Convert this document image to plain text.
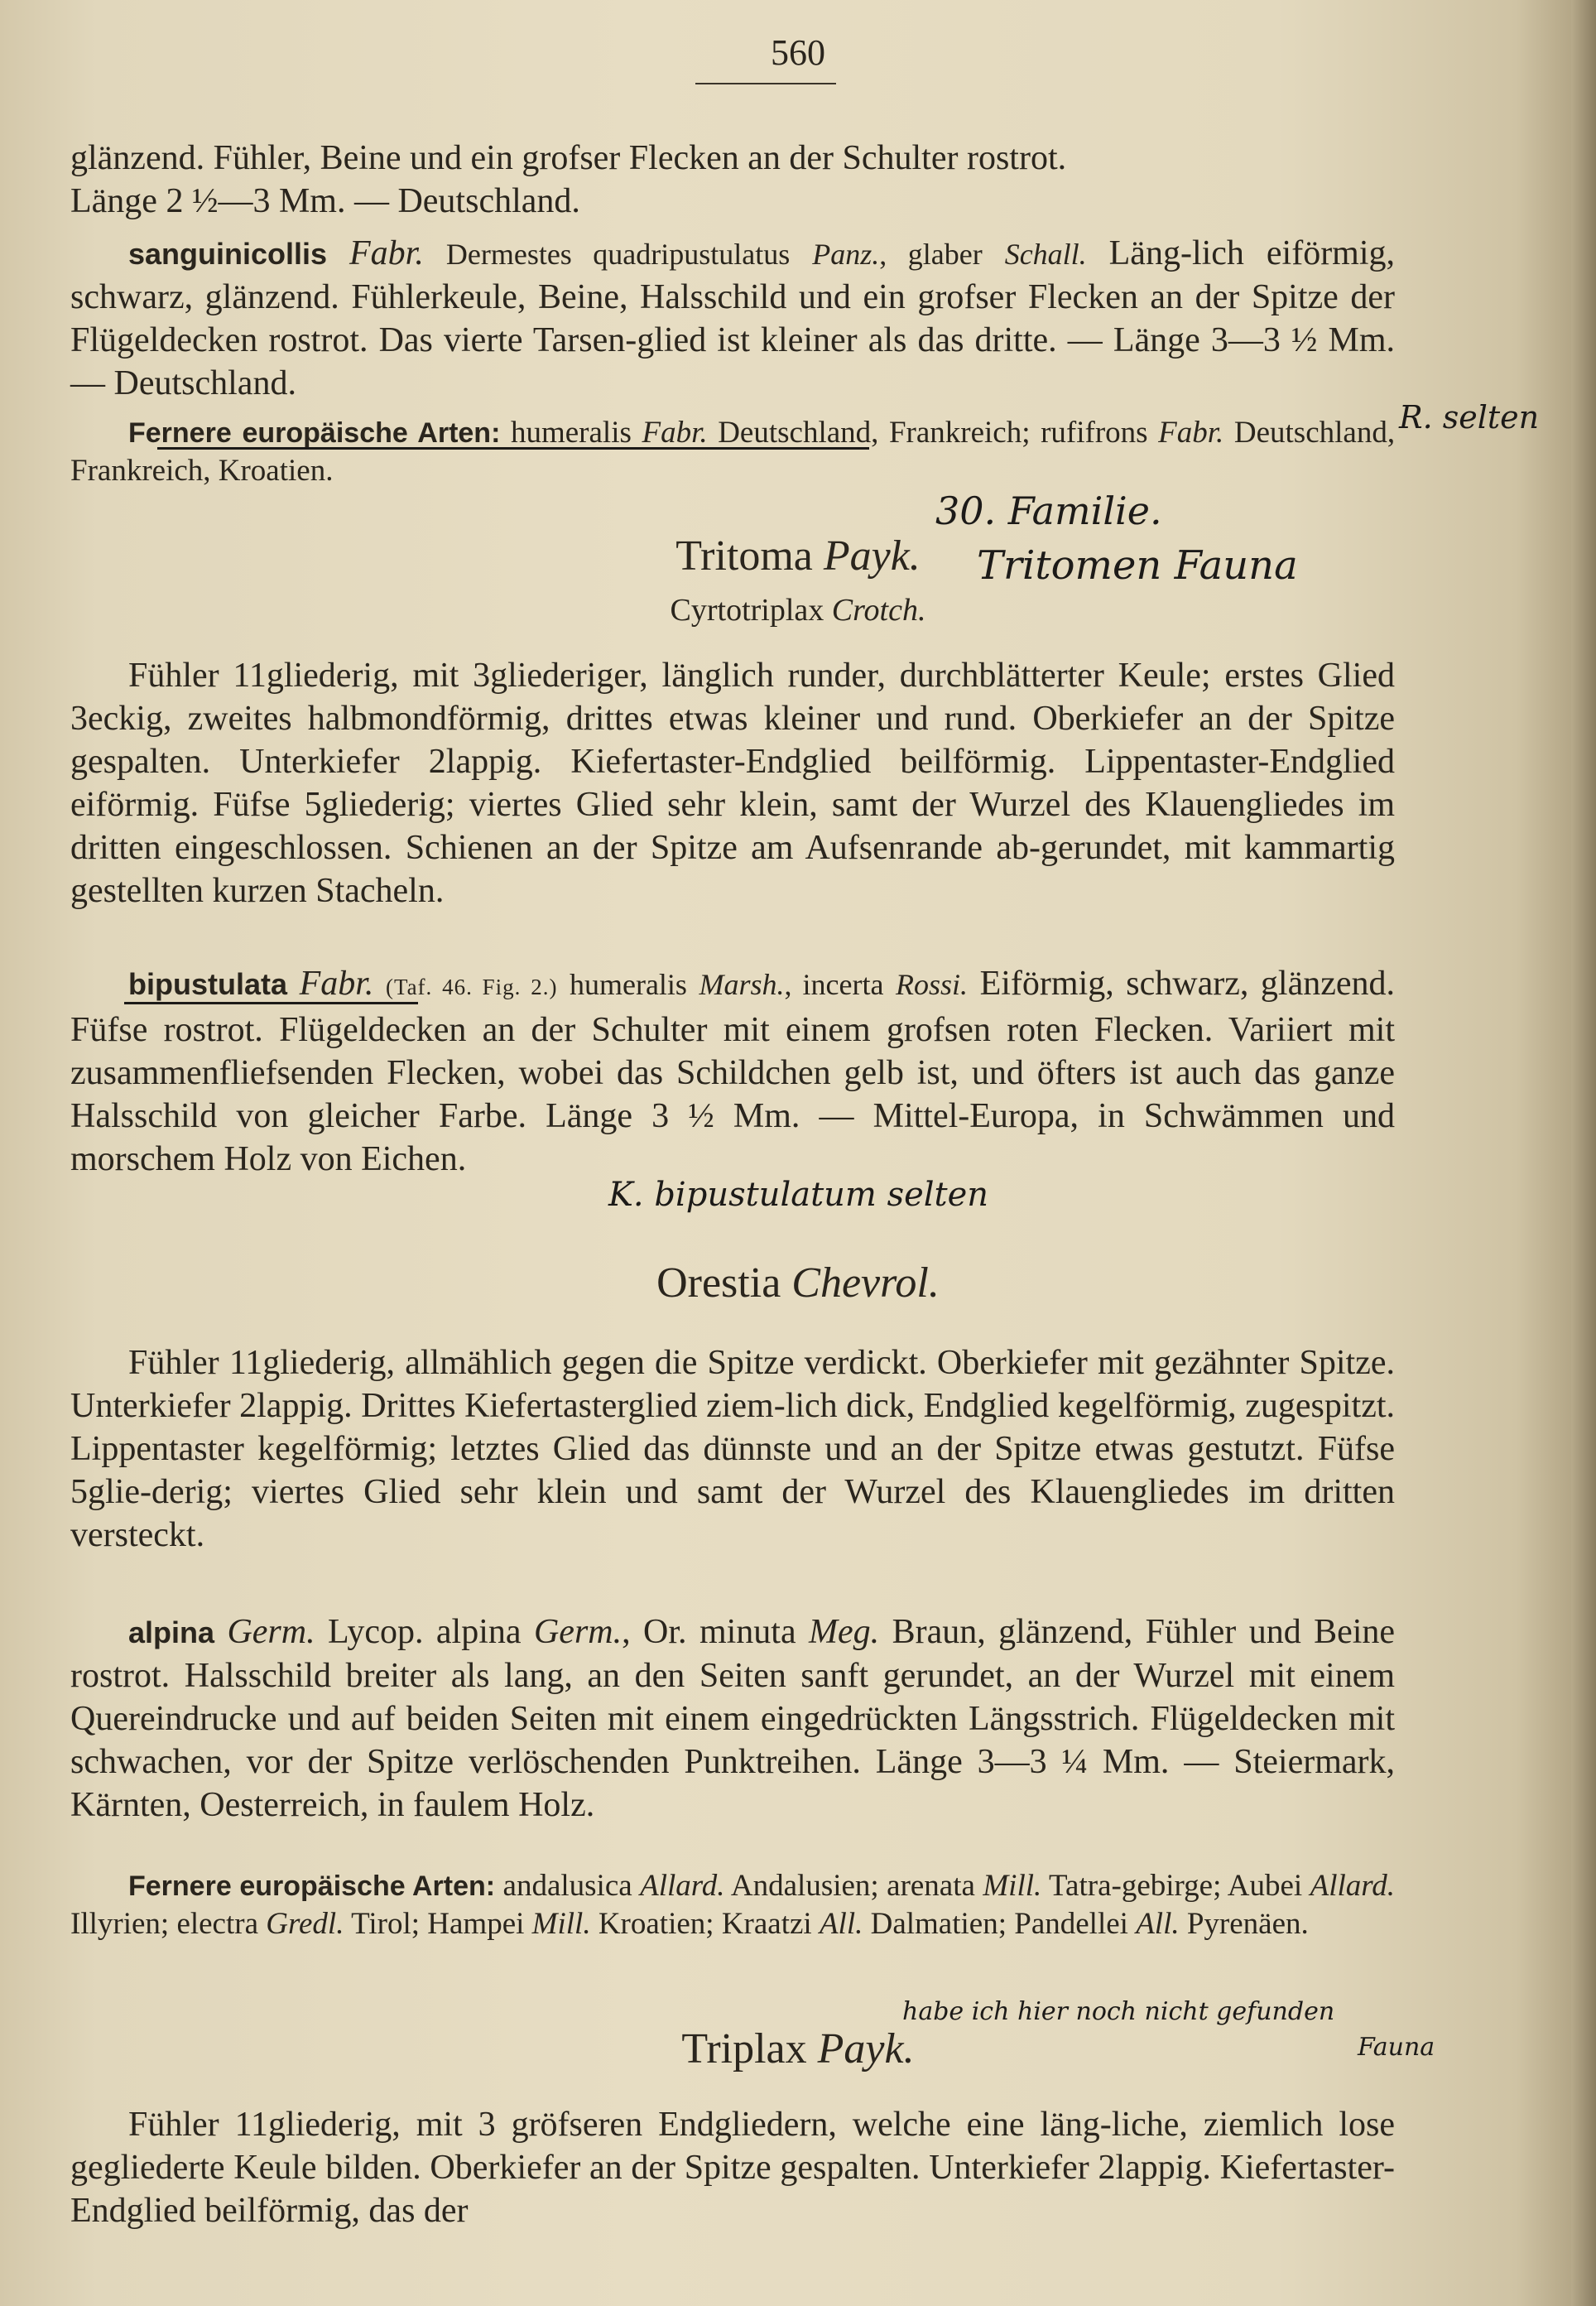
560

glänzend. Fühler, Beine und ein grofser Flecken an der Schulter rostrot.

Länge 2 ½—3 Mm. — Deutschland.

sanguinicollis Fabr. Dermestes quadripustulatus Panz., glaber Schall. Läng-lich eiförmig, schwarz, glänzend. Fühlerkeule, Beine, Halsschild und ein grofser Flecken an der Spitze der Flügeldecken rostrot. Das vierte Tarsen-glied ist kleiner als das dritte. — Länge 3—3 ½ Mm. — Deutschland.

Fernere europäische Arten: humeralis Fabr. Deutschland, Frankreich; rufifrons Fabr. Deutschland, Frankreich, Kroatien.

Tritoma Payk.
Cyrtotriplax Crotch.

Fühler 11gliederig, mit 3gliederiger, länglich runder, durchblätterter Keule; erstes Glied 3eckig, zweites halbmondförmig, drittes etwas kleiner und rund. Oberkiefer an der Spitze gespalten. Unterkiefer 2lappig. Kiefertaster-Endglied beilförmig. Lippentaster-Endglied eiförmig. Füfse 5gliederig; viertes Glied sehr klein, samt der Wurzel des Klauengliedes im dritten eingeschlossen. Schienen an der Spitze am Aufsenrande ab-gerundet, mit kammartig gestellten kurzen Stacheln.

bipustulata Fabr. (Taf. 46. Fig. 2.) humeralis Marsh., incerta Rossi. Eiförmig, schwarz, glänzend. Füfse rostrot. Flügeldecken an der Schulter mit einem grofsen roten Flecken. Variiert mit zusammenfliefsenden Flecken, wobei das Schildchen gelb ist, und öfters ist auch das ganze Halsschild von gleicher Farbe. Länge 3 ½ Mm. — Mittel-Europa, in Schwämmen und morschem Holz von Eichen.

Orestia Chevrol.

Fühler 11gliederig, allmählich gegen die Spitze verdickt. Oberkiefer mit gezähnter Spitze. Unterkiefer 2lappig. Drittes Kiefertasterglied ziem-lich dick, Endglied kegelförmig, zugespitzt. Lippentaster kegelförmig; letztes Glied das dünnste und an der Spitze etwas gestutzt. Füfse 5glie-derig; viertes Glied sehr klein und samt der Wurzel des Klauengliedes im dritten versteckt.

alpina Germ. Lycop. alpina Germ., Or. minuta Meg. Braun, glänzend, Fühler und Beine rostrot. Halsschild breiter als lang, an den Seiten sanft gerundet, an der Wurzel mit einem Quereindrucke und auf beiden Seiten mit einem eingedrückten Längsstrich. Flügeldecken mit schwachen, vor der Spitze verlöschenden Punktreihen. Länge 3—3 ¼ Mm. — Steiermark, Kärnten, Oesterreich, in faulem Holz.

Fernere europäische Arten: andalusica Allard. Andalusien; arenata Mill. Tatra-gebirge; Aubei Allard. Illyrien; electra Gredl. Tirol; Hampei Mill. Kroatien; Kraatzi All. Dalmatien; Pandellei All. Pyrenäen.

Triplax Payk.

Fühler 11gliederig, mit 3 gröfseren Endgliedern, welche eine läng-liche, ziemlich lose gegliederte Keule bilden. Oberkiefer an der Spitze gespalten. Unterkiefer 2lappig. Kiefertaster-Endglied beilförmig, das der

R. selten
30. Familie.
Tritomen Fauna
K. bipustulatum selten
habe ich hier noch nicht gefunden
Fauna
